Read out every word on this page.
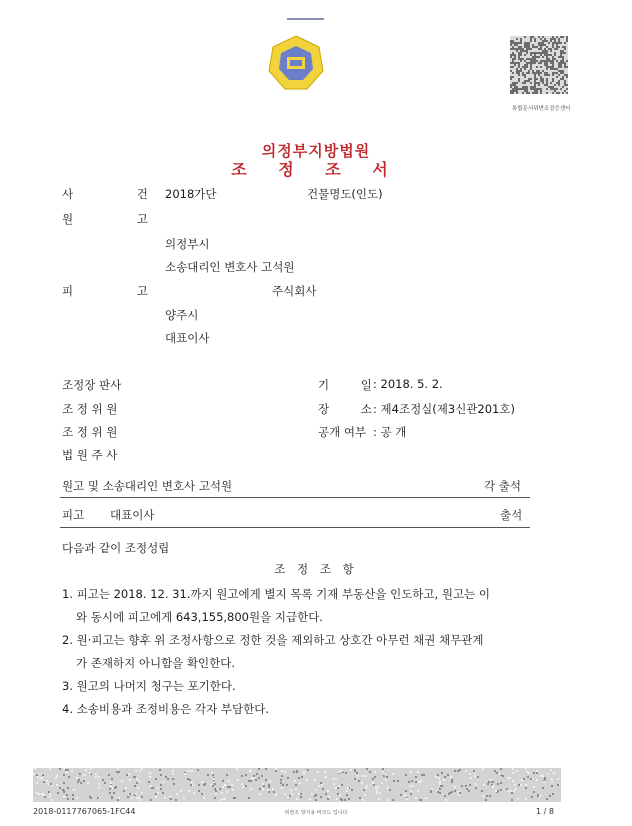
통합문서위변조검증센터
의정부지방법원
조 정 조 서
사 건
2018가단	건물명도(인도)
원 고
의정부시
소송대리인 변호사 고석원
피 고	주식회사
양주시
대표이사
조정장 판사
조 정 위 원
조 정 위 원
법 원 주 사
기 일
: 2018. 5. 2.
장 소
: 제4조정실(제3신관201호)
공개 여부 : 공 개
원고 및 소송대리인 변호사 고석원	각 출석
피고 대표이사	출석
다음과 같이 조정성립
조 정 조 항
1. 피고는 2018. 12. 31.까지 원고에게 별지 목록 기재 부동산을 인도하고, 원고는 이
와 동시에 피고에게 643,155,800원을 지급한다.
2. 원·피고는 향후 위 조정사항으로 정한 것을 제외하고 상호간 아무런 채권 채무관계
가 존재하지 아니함을 확인한다.
3. 원고의 나머지 청구는 포기한다.
4. 소송비용과 조정비용은 각자 부담한다.
2018-0117767065-1FC44	위변조 방지용 바코드 입니다	1 / 8
